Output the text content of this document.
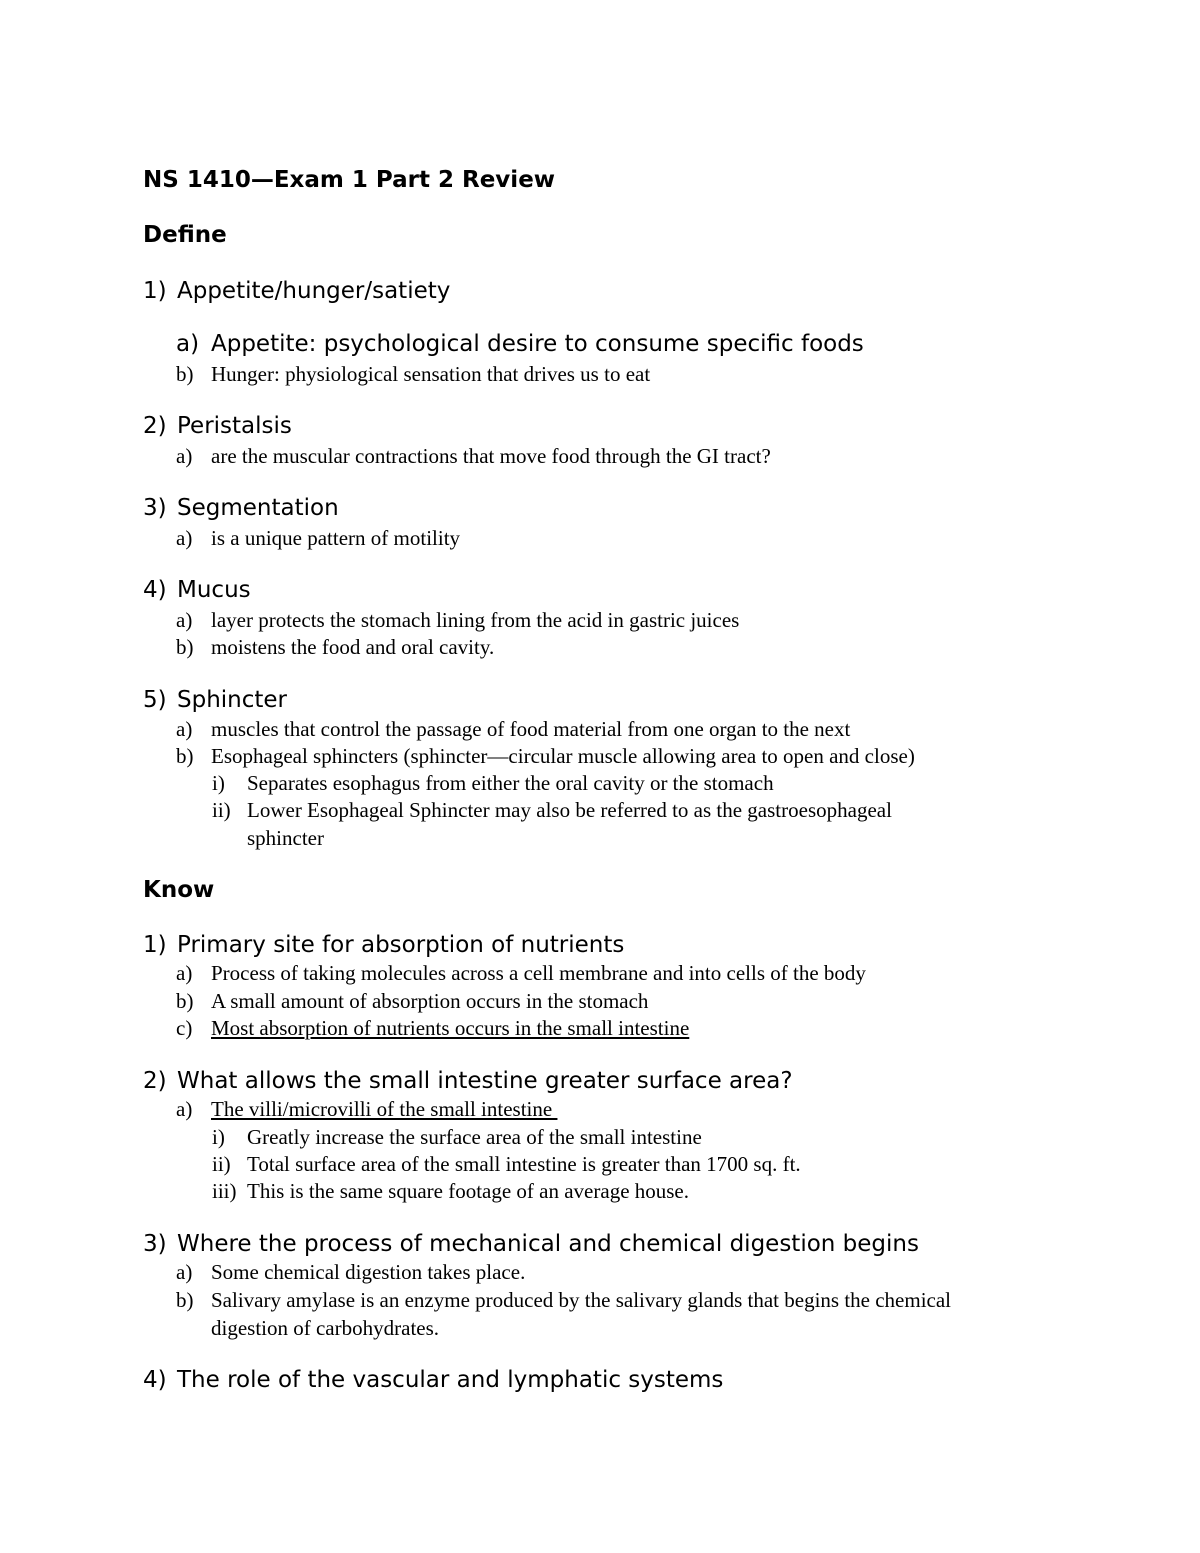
NS 1410—Exam 1 Part 2 Review
Define
1) Appetite/hunger/satiety
a) Appetite: psychological desire to consume specific foods
b) Hunger: physiological sensation that drives us to eat
2) Peristalsis
a) are the muscular contractions that move food through the GI tract?
3) Segmentation
a) is a unique pattern of motility
4) Mucus
a) layer protects the stomach lining from the acid in gastric juices
b) moistens the food and oral cavity.
5) Sphincter
a) muscles that control the passage of food material from one organ to the next
b) Esophageal sphincters (sphincter—circular muscle allowing area to open and close)
i) Separates esophagus from either the oral cavity or the stomach
ii) Lower Esophageal Sphincter may also be referred to as the gastroesophageal
sphincter
Know
1) Primary site for absorption of nutrients
a) Process of taking molecules across a cell membrane and into cells of the body
b) A small amount of absorption occurs in the stomach
c) Most absorption of nutrients occurs in the small intestine
2) What allows the small intestine greater surface area?
a) The villi/microvilli of the small intestine
i) Greatly increase the surface area of the small intestine
ii) Total surface area of the small intestine is greater than 1700 sq. ft.
iii) This is the same square footage of an average house.
3) Where the process of mechanical and chemical digestion begins
a) Some chemical digestion takes place.
b) Salivary amylase is an enzyme produced by the salivary glands that begins the chemical
digestion of carbohydrates.
4) The role of the vascular and lymphatic systems
